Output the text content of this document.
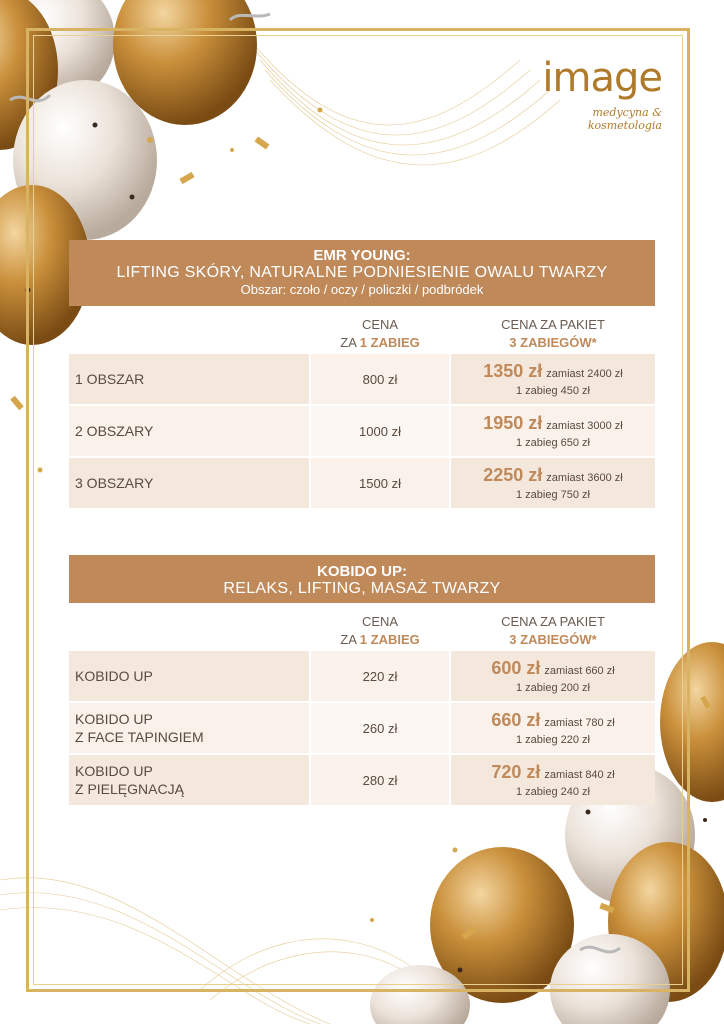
image
medycyna & kosmetologia
EMR YOUNG:
LIFTING SKÓRY, NATURALNE PODNIESIENIE OWALU TWARZY
Obszar: czoło / oczy / policzki / podbródek
CENA
ZA 1 ZABIEG
CENA ZA PAKIET
3 ZABIEGÓW*
1 OBSZAR	800 zł	1350 zł zamiast 2400 zł
1 zabieg 450 zł
2 OBSZARY	1000 zł	1950 zł zamiast 3000 zł
1 zabieg 650 zł
3 OBSZARY	1500 zł	2250 zł zamiast 3600 zł
1 zabieg 750 zł
KOBIDO UP:
RELAKS, LIFTING, MASAŻ TWARZY
CENA
ZA 1 ZABIEG
CENA ZA PAKIET
3 ZABIEGÓW*
KOBIDO UP	220 zł	600 zł zamiast 660 zł
1 zabieg 200 zł
KOBIDO UP
Z FACE TAPINGIEM
260 zł	660 zł zamiast 780 zł
1 zabieg 220 zł
KOBIDO UP
Z PIELĘGNACJĄ
280 zł	720 zł zamiast 840 zł
1 zabieg 240 zł
